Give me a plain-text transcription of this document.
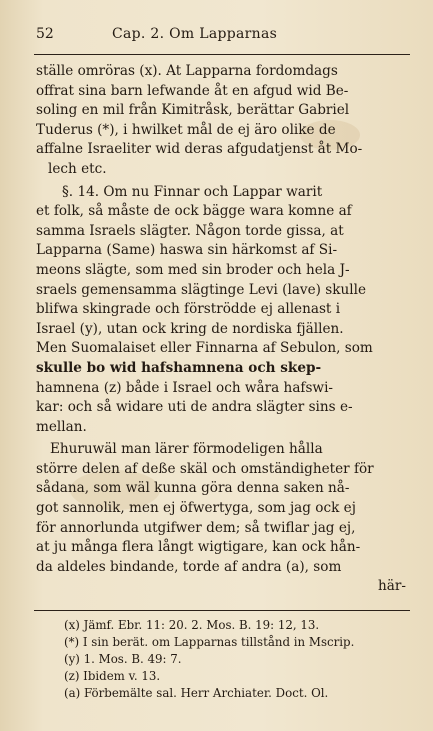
52	Cap. 2. Om Lapparnas
ställe omröras (x). At Lapparna fordomdags
offrat sina barn lefwande åt en afgud wid Be-
soling en mil från Kimitråsk, berättar Gabriel
Tuderus (*), i hwilket mål de ej äro olike de
affalne Israeliter wid deras afgudatjenst åt Mo-
lech etc.
§. 14. Om nu Finnar och Lappar warit
et folk, så måste de ock bägge wara komne af
samma Israels slägter. Någon torde gissa, at
Lapparna (Same) haswa sin härkomst af Si-
meons slägte, som med sin broder och hela J-
sraels gemensamma slägtinge Levi (lave) skulle
blifwa skingrade och förströdde ej allenast i
Israel (y), utan ock kring de nordiska fjällen.
Men Suomalaiset eller Finnarna af Sebulon, som
skulle bo wid hafshamnena och skep-
hamnena (z) både i Israel och wåra hafswi-
kar: och så widare uti de andra slägter sins e-
mellan.
Ehuruwäl man lärer förmodeligen hålla
större delen af deße skäl och omständigheter för
sådana, som wäl kunna göra denna saken nå-
got sannolik, men ej öfwertyga, som jag ock ej
för annorlunda utgifwer dem; så twiflar jag ej,
at ju många flera långt wigtigare, kan ock hån-
da aldeles bindande, torde af andra (a), som
här-
(x) Jämf. Ebr. 11: 20. 2. Mos. B. 19: 12, 13.
(*) I sin berät. om Lapparnas tillstånd in Mscrip.
(y) 1. Mos. B. 49: 7.
(z) Ibidem v. 13.
(a) Förbemälte sal. Herr Archiater. Doct. Ol.
